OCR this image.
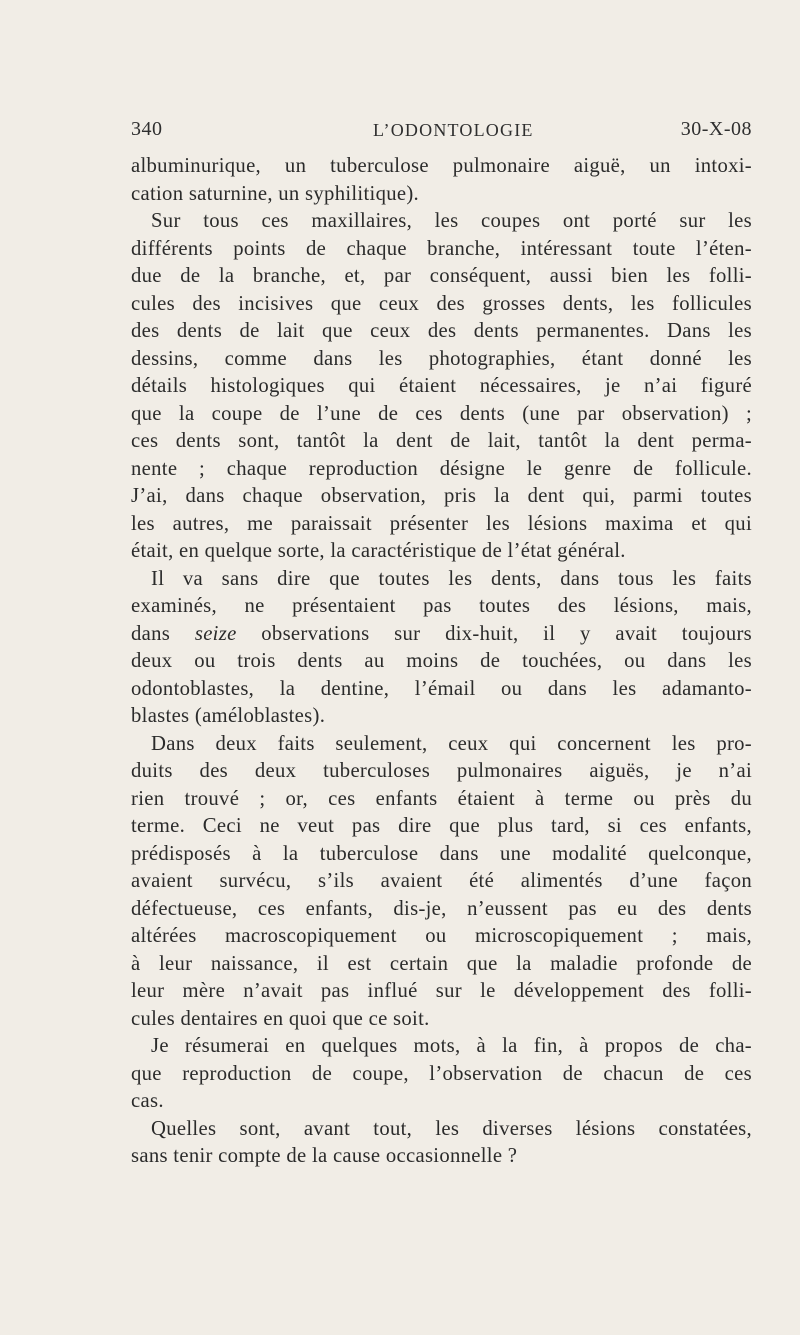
340	L’ODONTOLOGIE	30-X-08
albuminurique, un tuberculose pulmonaire aiguë, un intoxi-
cation saturnine, un syphilitique).
Sur tous ces maxillaires, les coupes ont porté sur les
différents points de chaque branche, intéressant toute l’éten-
due de la branche, et, par conséquent, aussi bien les folli-
cules des incisives que ceux des grosses dents, les follicules
des dents de lait que ceux des dents permanentes. Dans les
dessins, comme dans les photographies, étant donné les
détails histologiques qui étaient nécessaires, je n’ai figuré
que la coupe de l’une de ces dents (une par observation) ;
ces dents sont, tantôt la dent de lait, tantôt la dent perma-
nente ; chaque reproduction désigne le genre de follicule.
J’ai, dans chaque observation, pris la dent qui, parmi toutes
les autres, me paraissait présenter les lésions maxima et qui
était, en quelque sorte, la caractéristique de l’état général.
Il va sans dire que toutes les dents, dans tous les faits
examinés, ne présentaient pas toutes des lésions, mais,
dans seize observations sur dix-huit, il y avait toujours
deux ou trois dents au moins de touchées, ou dans les
odontoblastes, la dentine, l’émail ou dans les adamanto-
blastes (améloblastes).
Dans deux faits seulement, ceux qui concernent les pro-
duits des deux tuberculoses pulmonaires aiguës, je n’ai
rien trouvé ; or, ces enfants étaient à terme ou près du
terme. Ceci ne veut pas dire que plus tard, si ces enfants,
prédisposés à la tuberculose dans une modalité quelconque,
avaient survécu, s’ils avaient été alimentés d’une façon
défectueuse, ces enfants, dis-je, n’eussent pas eu des dents
altérées macroscopiquement ou microscopiquement ; mais,
à leur naissance, il est certain que la maladie profonde de
leur mère n’avait pas influé sur le développement des folli-
cules dentaires en quoi que ce soit.
Je résumerai en quelques mots, à la fin, à propos de cha-
que reproduction de coupe, l’observation de chacun de ces
cas.
Quelles sont, avant tout, les diverses lésions constatées,
sans tenir compte de la cause occasionnelle ?
